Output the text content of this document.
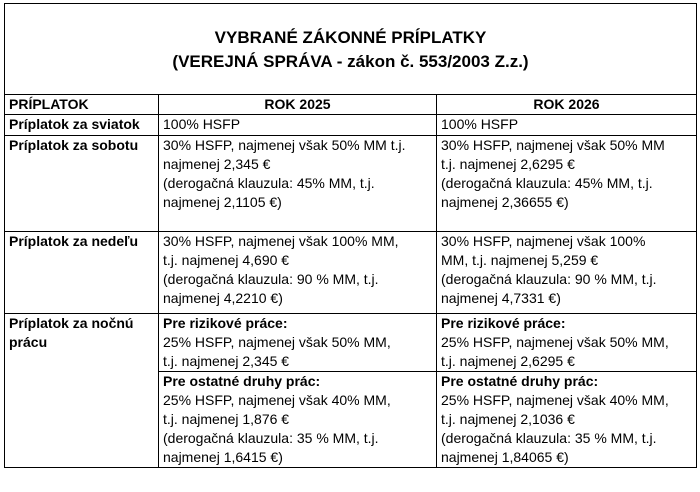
VYBRANÉ ZÁKONNÉ PRÍPLATKY
(VEREJNÁ SPRÁVA - zákon č. 553/2003 Z.z.)		

PRÍPLATOK	ROK 2025	ROK 2026
Príplatok za sviatok	100% HSFP	100% HSFP

Príplatok za sobotu	30% HSFP, najmenej však 50% MM t.j.
najmenej 2,345 €
(derogačná klauzula: 45% MM, t.j.
najmenej 2,1105 €)	30% HSFP, najmenej však 50% MM
t.j. najmenej 2,6295 €
(derogačná klauzula: 45% MM, t.j.
najmenej 2,36655 €)

Príplatok za nedeľu	30% HSFP, najmenej však 100% MM,
t.j. najmenej 4,690 €
(derogačná klauzula: 90 % MM, t.j.
najmenej 4,2210 €)	30% HSFP, najmenej však 100%
MM, t.j. najmenej 5,259 €
(derogačná klauzula: 90 % MM, t.j.
najmenej 4,7331 €)

Príplatok za nočnú
prácu	Pre rizikové práce:
25% HSFP, najmenej však 50% MM,
t.j. najmenej 2,345 €	Pre rizikové práce:
25% HSFP, najmenej však 50% MM,
t.j. najmenej 2,6295 €

	Pre ostatné druhy prác:
25% HSFP, najmenej však 40% MM,
t.j. najmenej 1,876 €
(derogačná klauzula: 35 % MM, t.j.
najmenej 1,6415 €)	Pre ostatné druhy prác:
25% HSFP, najmenej však 40% MM,
t.j. najmenej 2,1036 €
(derogačná klauzula: 35 % MM, t.j.
najmenej 1,84065 €)
